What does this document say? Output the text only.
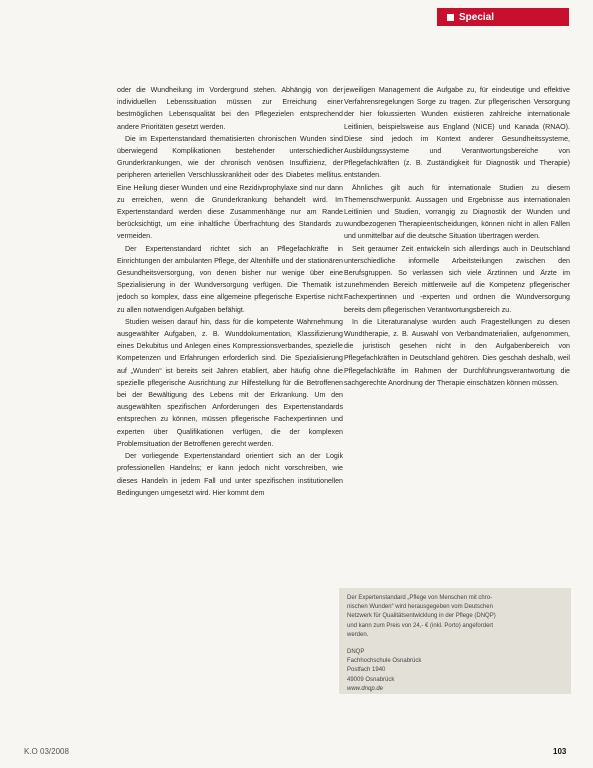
Special

oder die Wundheilung im Vordergrund stehen. Abhängig von der individuellen Lebenssituation müssen zur Erreichung einer bestmöglichen Lebensqualität bei den Pflegezielen entsprechend andere Prioritäten gesetzt werden.

Die im Expertenstandard thematisierten chronischen Wunden sind überwiegend Komplikationen bestehender unterschiedlicher Grunderkrankungen, wie der chronisch venösen Insuffizienz, der peripheren arteriellen Verschlusskrankheit oder des Diabetes mellitus. Eine Heilung dieser Wunden und eine Rezidivprophylaxe sind nur dann zu erreichen, wenn die Grunderkrankung behandelt wird. Im Expertenstandard werden diese Zusammenhänge nur am Rande berücksichtigt, um eine inhaltliche Überfrachtung des Standards zu vermeiden.

Der Expertenstandard richtet sich an Pflegefachkräfte in Einrichtungen der ambulanten Pflege, der Altenhilfe und der stationären Gesundheitsversorgung, von denen bisher nur wenige über eine Spezialisierung in der Wundversorgung verfügen. Die Thematik ist jedoch so komplex, dass eine allgemeine pflegerische Expertise nicht zu allen notwendigen Aufgaben befähigt.

Studien weisen darauf hin, dass für die kompetente Wahrnehmung ausgewählter Aufgaben, z. B. Wunddokumentation, Klassifizierung eines Dekubitus und Anlegen eines Kompressionsverbandes, spezielle Kompetenzen und Erfahrungen erforderlich sind. Die Spezialisierung auf „Wunden“ ist bereits seit Jahren etabliert, aber häufig ohne die spezielle pflegerische Ausrichtung zur Hilfestellung für die Betroffenen bei der Bewältigung des Lebens mit der Erkrankung. Um den ausgewählten spezifischen Anforderungen des Expertenstandards entsprechen zu können, müssen pflegerische Fachexpertinnen und experten über Qualifikationen verfügen, die der komplexen Problemsituation der Betroffenen gerecht werden.

Der vorliegende Expertenstandard orientiert sich an der Logik professionellen Handelns; er kann jedoch nicht vorschreiben, wie dieses Handeln in jedem Fall und unter spezifischen institutionellen Bedingungen umgesetzt wird. Hier kommt dem

jeweiligen Management die Aufgabe zu, für eindeutige und effektive Verfahrensregelungen Sorge zu tragen. Zur pflegerischen Versorgung der hier fokussierten Wunden existieren zahlreiche internationale Leitlinien, beispielsweise aus England (NICE) und Kanada (RNAO). Diese sind jedoch im Kontext anderer Gesundheitssysteme, Ausbildungssysteme und Verantwortungsbereiche von Pflegefachkräften (z. B. Zuständigkeit für Diagnostik und Therapie) entstanden.

Ähnliches gilt auch für internationale Studien zu diesem Themenschwerpunkt. Aussagen und Ergebnisse aus internationalen Leitlinien und Studien, vorrangig zu Diagnostik der Wunden und wundbezogenen Therapieentscheidungen, können nicht in allen Fällen und unmittelbar auf die deutsche Situation übertragen werden.

Seit geraumer Zeit entwickeln sich allerdings auch in Deutschland unterschiedliche informelle Arbeitsteilungen zwischen den Berufsgruppen. So verlassen sich viele Ärztinnen und Ärzte im zunehmenden Bereich mittlerweile auf die Kompetenz pflegerischer Fachexpertinnen und -experten und ordnen die Wundversorgung bereits dem pflegerischen Verantwortungsbereich zu.

In die Literaturanalyse wurden auch Fragestellungen zu diesen Wundtherapie, z. B. Auswahl von Verbandmaterialien, aufgenommen, die juristisch gesehen nicht in den Aufgabenbereich von Pflegefachkräften in Deutschland gehören. Dies geschah deshalb, weil Pflegefachkräfte im Rahmen der Durchführungsverantwortung die sachgerechte Anordnung der Therapie einschätzen können müssen.

Der Expertenstandard „Pflege von Menschen mit chro-
nischen Wunden“ wird herausgegeben vom Deutschen
Netzwerk für Qualitätsentwicklung in der Pflege (DNQP)
und kann zum Preis von 24,- € (inkl. Porto) angefordert
werden.
DNQP
Fachhochschule Osnabrück
Postfach 1940
49009 Osnabrück
www.dnqp.de
K.O 03/2008	103
